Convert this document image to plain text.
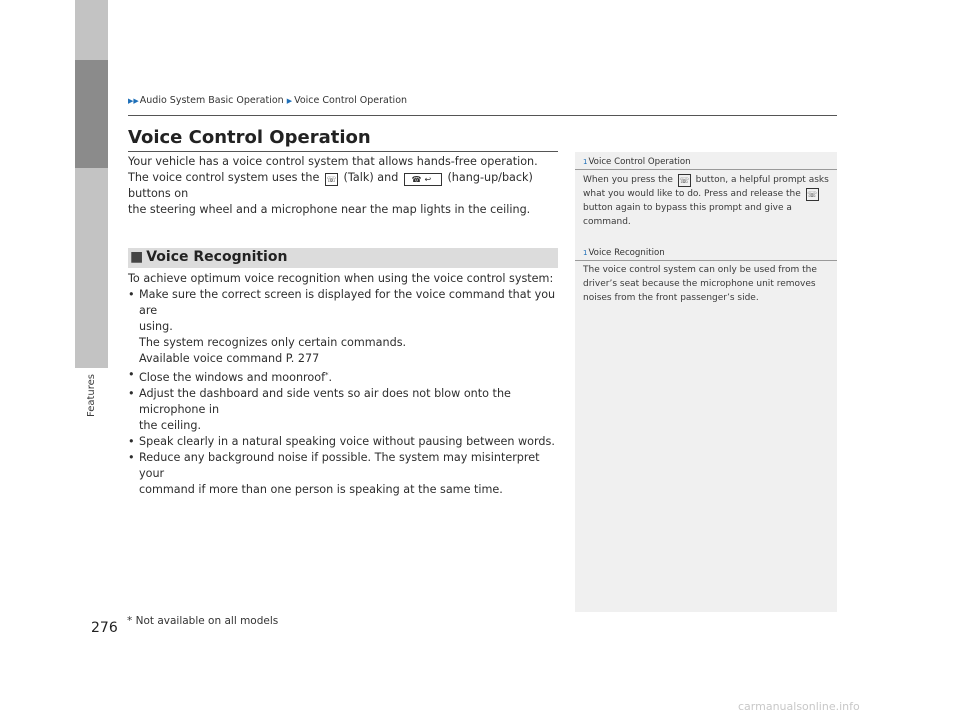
Features
▶▶Audio System Basic Operation ▶ Voice Control Operation
Voice Control Operation

Your vehicle has a voice control system that allows hands-free operation.

The voice control system uses the ☏ (Talk) and ☎↩ (hang-up/back) buttons on

the steering wheel and a microphone near the map lights in the ceiling.

■ Voice Recognition

To achieve optimum voice recognition when using the voice control system:

• Make sure the correct screen is displayed for the voice command that you are
using.
The system recognizes only certain commands.
Available voice command P. 277
• Close the windows and moonroof*.
• Adjust the dashboard and side vents so air does not blow onto the microphone in
the ceiling.
• Speak clearly in a natural speaking voice without pausing between words.
• Reduce any background noise if possible. The system may misinterpret your
command if more than one person is speaking at the same time.
1Voice Control Operation
When you press the ☏ button, a helpful prompt asks
what you would like to do. Press and release the ☏
button again to bypass this prompt and give a
command.
1Voice Recognition
The voice control system can only be used from the
driver’s seat because the microphone unit removes
noises from the front passenger’s side.
276 * Not available on all models
carmanualsonline.info
